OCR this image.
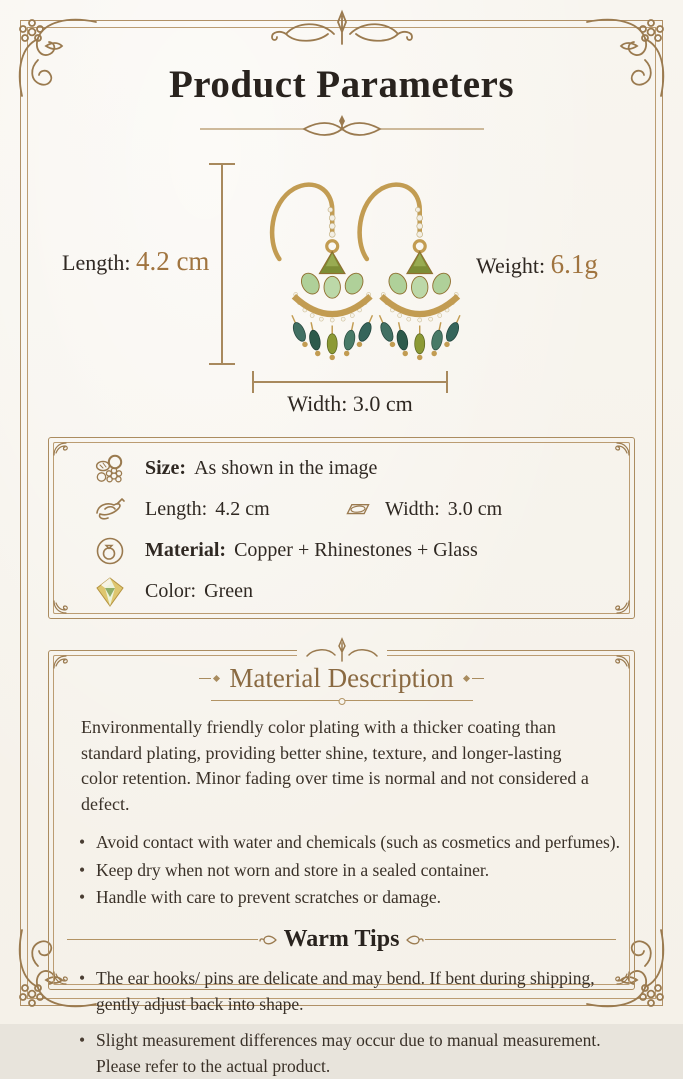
Product Parameters
Length: 4.2 cm	Weight: 6.1g
Width: 3.0 cm
Size: As shown in the image
Length: 4.2 cm	Width: 3.0 cm
Material: Copper + Rhinestones + Glass
Color: Green
Material Description

Environmentally friendly color plating with a thicker coating than standard plating, providing better shine, texture, and longer-lasting color retention. Minor fading over time is normal and not considered a defect.

• Avoid contact with water and chemicals (such as cosmetics and perfumes).
• Keep dry when not worn and store in a sealed container.
• Handle with care to prevent scratches or damage.
Warm Tips
• The ear hooks/ pins are delicate and may bend. If bent during shipping, gently adjust back into shape.
• Slight measurement differences may occur due to manual measurement. Please refer to the actual product.
